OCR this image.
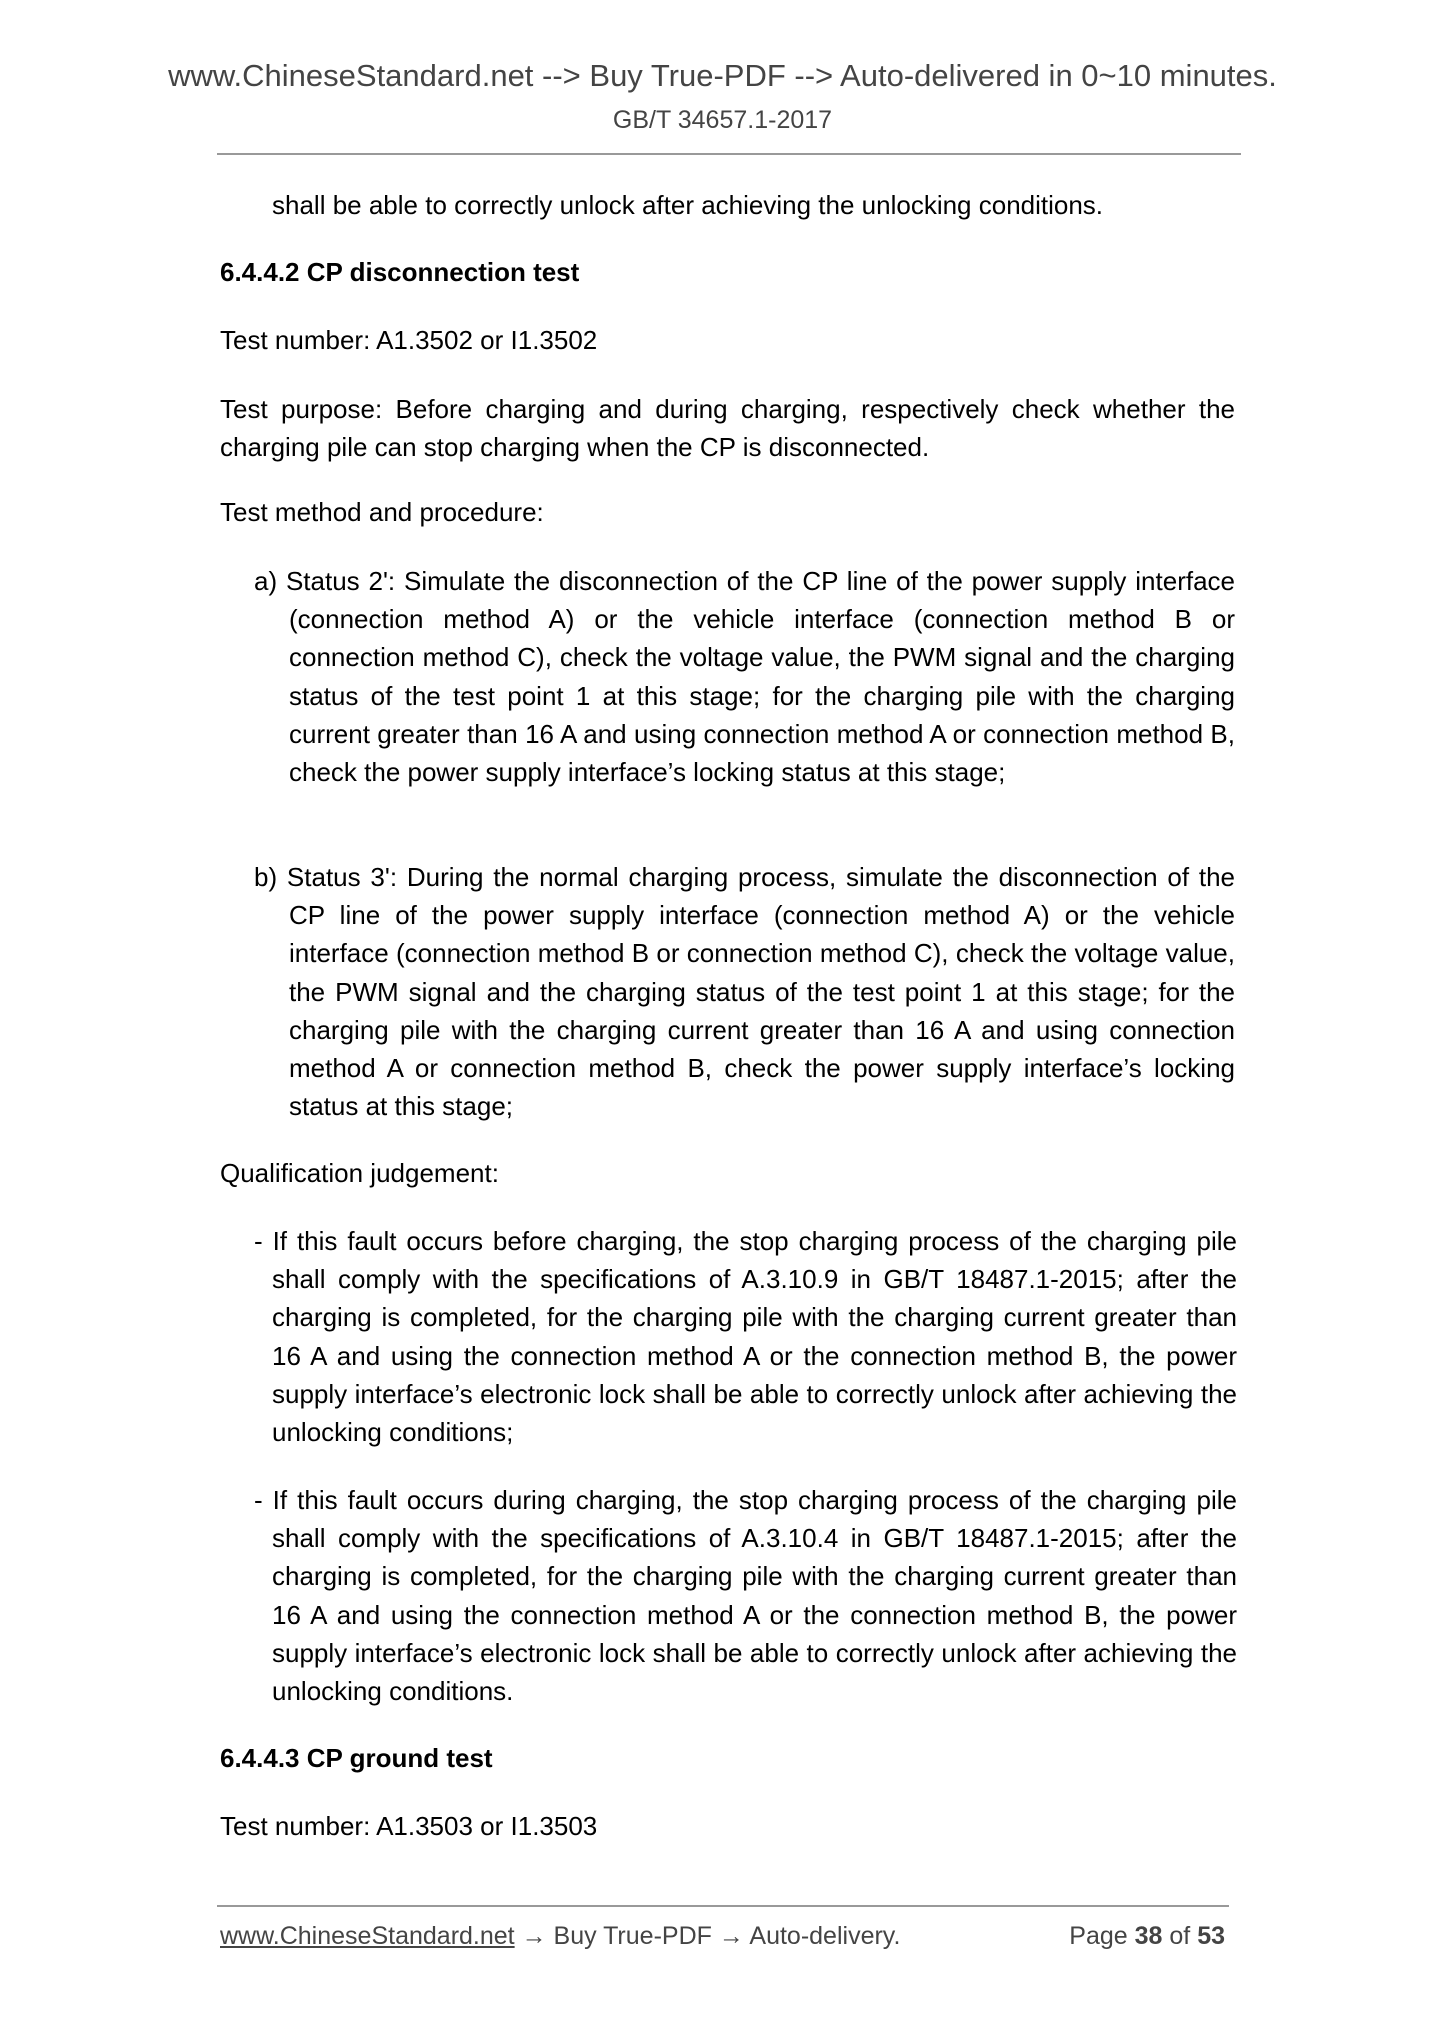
www.ChineseStandard.net --> Buy True-PDF --> Auto-delivered in 0~10 minutes.
GB/T 34657.1-2017
shall be able to correctly unlock after achieving the unlocking conditions.
6.4.4.2 CP disconnection test
Test number: A1.3502 or I1.3502
Test purpose: Before charging and during charging, respectively check whether the charging pile can stop charging when the CP is disconnected.
Test method and procedure:
a) Status 2': Simulate the disconnection of the CP line of the power supply interface (connection method A) or the vehicle interface (connection method B or connection method C), check the voltage value, the PWM signal and the charging status of the test point 1 at this stage; for the charging pile with the charging current greater than 16 A and using connection method A or connection method B, check the power supply interface’s locking status at this stage;
b) Status 3': During the normal charging process, simulate the disconnection of the CP line of the power supply interface (connection method A) or the vehicle interface (connection method B or connection method C), check the voltage value, the PWM signal and the charging status of the test point 1 at this stage; for the charging pile with the charging current greater than 16 A and using connection method A or connection method B, check the power supply interface’s locking status at this stage;
Qualification judgement:
- If this fault occurs before charging, the stop charging process of the charging pile shall comply with the specifications of A.3.10.9 in GB/T 18487.1-2015; after the charging is completed, for the charging pile with the charging current greater than 16 A and using the connection method A or the connection method B, the power supply interface’s electronic lock shall be able to correctly unlock after achieving the unlocking conditions;
- If this fault occurs during charging, the stop charging process of the charging pile shall comply with the specifications of A.3.10.4 in GB/T 18487.1-2015; after the charging is completed, for the charging pile with the charging current greater than 16 A and using the connection method A or the connection method B, the power supply interface’s electronic lock shall be able to correctly unlock after achieving the unlocking conditions.
6.4.4.3 CP ground test
Test number: A1.3503 or I1.3503
www.ChineseStandard.net → Buy True-PDF → Auto-delivery.	Page 38 of 53
